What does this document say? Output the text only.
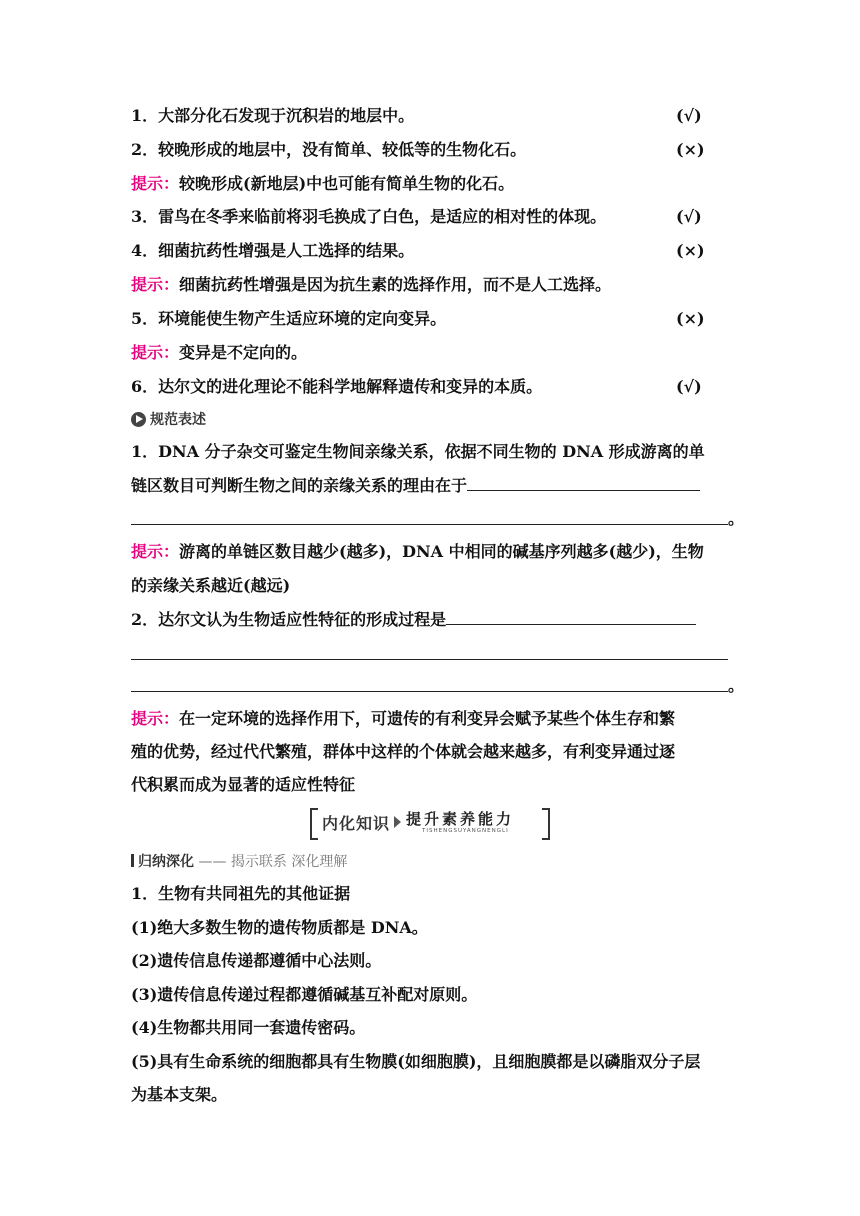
1．大部分化石发现于沉积岩的地层中。	(√)
2．较晚形成的地层中，没有简单、较低等的生物化石。	(×)
提示：较晚形成(新地层)中也可能有简单生物的化石。
3．雷鸟在冬季来临前将羽毛换成了白色，是适应的相对性的体现。	(√)
4．细菌抗药性增强是人工选择的结果。	(×)
提示：细菌抗药性增强是因为抗生素的选择作用，而不是人工选择。
5．环境能使生物产生适应环境的定向变异。	(×)
提示：变异是不定向的。
6．达尔文的进化理论不能科学地解释遗传和变异的本质。	(√)
规范表述
1．DNA 分子杂交可鉴定生物间亲缘关系，依据不同生物的 DNA 形成游离的单
链区数目可判断生物之间的亲缘关系的理由在于
。
提示：游离的单链区数目越少(越多)，DNA 中相同的碱基序列越多(越少)，生物
的亲缘关系越近(越远)
2．达尔文认为生物适应性特征的形成过程是
。
提示：在一定环境的选择作用下，可遗传的有利变异会赋予某些个体生存和繁
殖的优势，经过代代繁殖，群体中这样的个体就会越来越多，有利变异通过逐
代积累而成为显著的适应性特征
内化知识 提升素养能力
TISHENGSUYANGNENGLI
归纳深化 —— 揭示联系 深化理解
1．生物有共同祖先的其他证据
(1)绝大多数生物的遗传物质都是 DNA。
(2)遗传信息传递都遵循中心法则。
(3)遗传信息传递过程都遵循碱基互补配对原则。
(4)生物都共用同一套遗传密码。
(5)具有生命系统的细胞都具有生物膜(如细胞膜)，且细胞膜都是以磷脂双分子层
为基本支架。
